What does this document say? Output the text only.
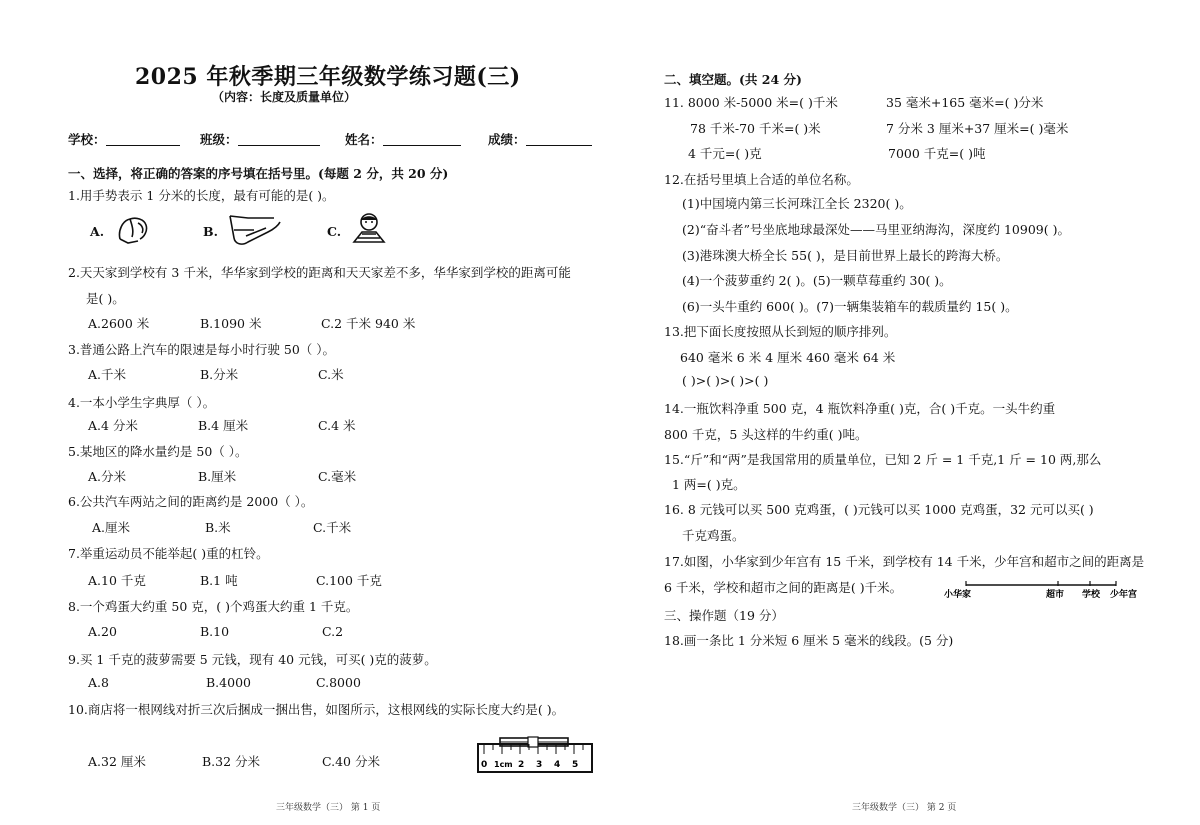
2025 年秋季期三年级数学练习题(三)
（内容：长度及质量单位）
学校：	班级：	姓名：	成绩：
一、选择，将正确的答案的序号填在括号里。(每题 2 分，共 20 分)
1.用手势表示 1 分米的长度，最有可能的是( )。
A.	B.	C.
2.天天家到学校有 3 千米，华华家到学校的距离和天天家差不多，华华家到学校的距离可能
是( )。
A.2600 米	B.1090 米	C.2 千米 940 米
3.普通公路上汽车的限速是每小时行驶 50（ ）。
A.千米	B.分米	C.米
4.一本小学生字典厚（ ）。
A.4 分米	B.4 厘米	C.4 米
5.某地区的降水量约是 50（ ）。
A.分米	B.厘米	C.毫米
6.公共汽车两站之间的距离约是 2000（ ）。
A.厘米	B.米	C.千米
7.举重运动员不能举起( )重的杠铃。
A.10 千克	B.1 吨	C.100 千克
8.一个鸡蛋大约重 50 克，( )个鸡蛋大约重 1 千克。
A.20	B.10	C.2
9.买 1 千克的菠萝需要 5 元钱，现有 40 元钱，可买( )克的菠萝。
A.8	B.4000	C.8000
10.商店将一根网线对折三次后捆成一捆出售，如图所示，这根网线的实际长度大约是( )。
A.32 厘米	B.32 分米	C.40 分米	0 1cm 2 3 4 5
三年级数学（三） 第 1 页
二、填空题。(共 24 分)
11. 8000 米-5000 米=( )千米	35 毫米+165 毫米=( )分米
78 千米-70 千米=( )米	7 分米 3 厘米+37 厘米=( )毫米
4 千元=( )克	7000 千克=( )吨
12.在括号里填上合适的单位名称。
(1)中国境内第三长河珠江全长 2320( )。
(2)“奋斗者”号坐底地球最深处——马里亚纳海沟，深度约 10909( )。
(3)港珠澳大桥全长 55( )，是目前世界上最长的跨海大桥。
(4)一个菠萝重约 2( )。(5)一颗草莓重约 30( )。
(6)一头牛重约 600( )。(7)一辆集装箱车的载质量约 15( )。
13.把下面长度按照从长到短的顺序排列。
640 毫米 6 米 4 厘米 460 毫米 64 米
( )>( )>( )>( )
14.一瓶饮料净重 500 克，4 瓶饮料净重( )克，合( )千克。一头牛约重
800 千克，5 头这样的牛约重( )吨。
15.“斤”和“两”是我国常用的质量单位，已知 2 斤 = 1 千克,1 斤 = 10 两,那么
1 两=( )克。
16. 8 元钱可以买 500 克鸡蛋，( )元钱可以买 1000 克鸡蛋，32 元可以买( )
千克鸡蛋。
17.如图，小华家到少年宫有 15 千米，到学校有 14 千米，少年宫和超市之间的距离是
6 千米，学校和超市之间的距离是( )千米。	小华家	超市 学校 少年宫
三、操作题（19 分）
18.画一条比 1 分米短 6 厘米 5 毫米的线段。(5 分)
三年级数学（三） 第 2 页
